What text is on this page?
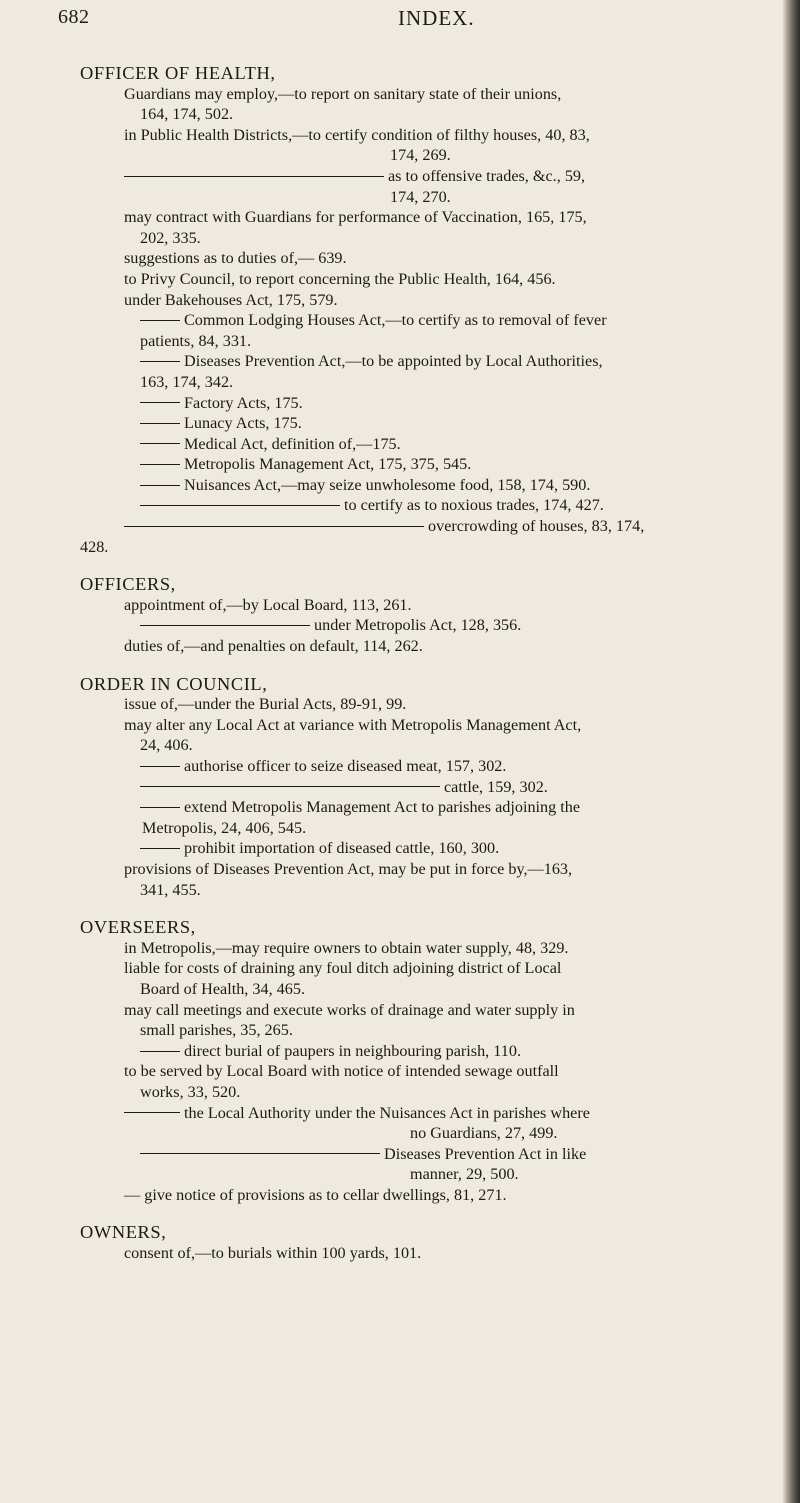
682	INDEX.
OFFICER OF HEALTH,
Guardians may employ,—to report on sanitary state of their unions,
164, 174, 502.
in Public Health Districts,—to certify condition of filthy houses, 40, 83,
174, 269.
as to offensive trades, &c., 59,
174, 270.
may contract with Guardians for performance of Vaccination, 165, 175,
202, 335.
suggestions as to duties of,— 639.
to Privy Council, to report concerning the Public Health, 164, 456.
under Bakehouses Act, 175, 579.
Common Lodging Houses Act,—to certify as to removal of fever
patients, 84, 331.
Diseases Prevention Act,—to be appointed by Local Authorities,
163, 174, 342.
Factory Acts, 175.
Lunacy Acts, 175.
Medical Act, definition of,—175.
Metropolis Management Act, 175, 375, 545.
Nuisances Act,—may seize unwholesome food, 158, 174, 590.
to certify as to noxious trades, 174, 427.
overcrowding of houses, 83, 174,
428.
OFFICERS,
appointment of,—by Local Board, 113, 261.
under Metropolis Act, 128, 356.
duties of,—and penalties on default, 114, 262.
ORDER IN COUNCIL,
issue of,—under the Burial Acts, 89-91, 99.
may alter any Local Act at variance with Metropolis Management Act,
24, 406.
authorise officer to seize diseased meat, 157, 302.
cattle, 159, 302.
extend Metropolis Management Act to parishes adjoining the
Metropolis, 24, 406, 545.
prohibit importation of diseased cattle, 160, 300.
provisions of Diseases Prevention Act, may be put in force by,—163,
341, 455.
OVERSEERS,
in Metropolis,—may require owners to obtain water supply, 48, 329.
liable for costs of draining any foul ditch adjoining district of Local
Board of Health, 34, 465.
may call meetings and execute works of drainage and water supply in
small parishes, 35, 265.
direct burial of paupers in neighbouring parish, 110.
to be served by Local Board with notice of intended sewage outfall
works, 33, 520.
the Local Authority under the Nuisances Act in parishes where
no Guardians, 27, 499.
Diseases Prevention Act in like
manner, 29, 500.
— give notice of provisions as to cellar dwellings, 81, 271.
OWNERS,
consent of,—to burials within 100 yards, 101.
